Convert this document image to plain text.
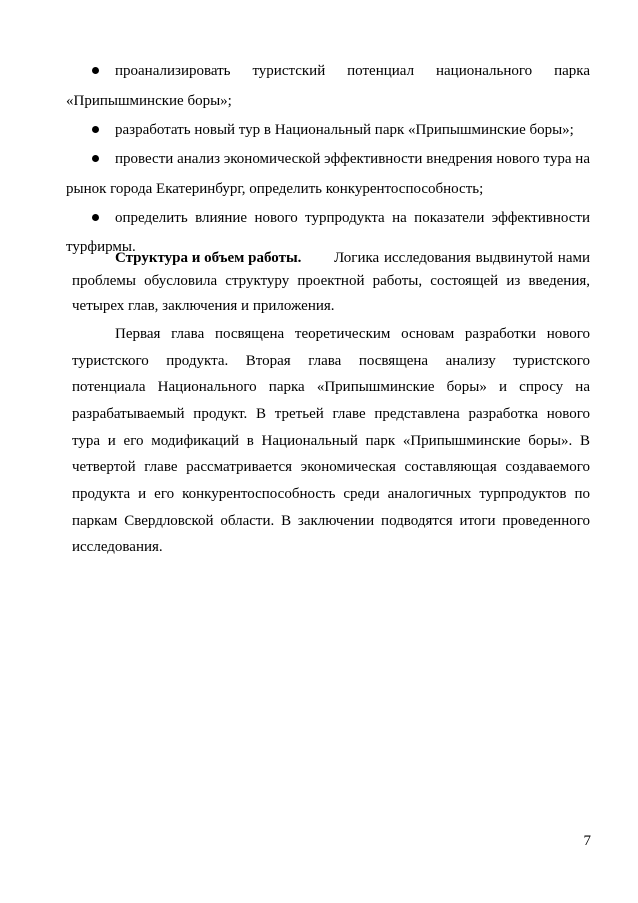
проанализировать туристский потенциал национального парка
«Припышминские боры»;
разработать новый тур в Национальный парк «Припышминские боры»;
провести анализ экономической эффективности внедрения нового тура на
рынок города Екатеринбург, определить конкурентоспособность;
определить влияние нового турпродукта на показатели эффективности
турфирмы.
Структура и объем работы. Логика исследования выдвинутой нами
проблемы обусловила структуру проектной работы, состоящей из введения,
четырех глав, заключения и приложения.
Первая глава посвящена теоретическим основам разработки нового
туристского продукта. Вторая глава посвящена анализу туристского
потенциала Национального парка «Припышминские боры» и спросу на
разрабатываемый продукт. В третьей главе представлена разработка нового
тура и его модификаций в Национальный парк «Припышминские боры». В
четвертой главе рассматривается экономическая составляющая создаваемого
продукта и его конкурентоспособность среди аналогичных турпродуктов по
паркам Свердловской области. В заключении подводятся итоги проведенного
исследования.
7
